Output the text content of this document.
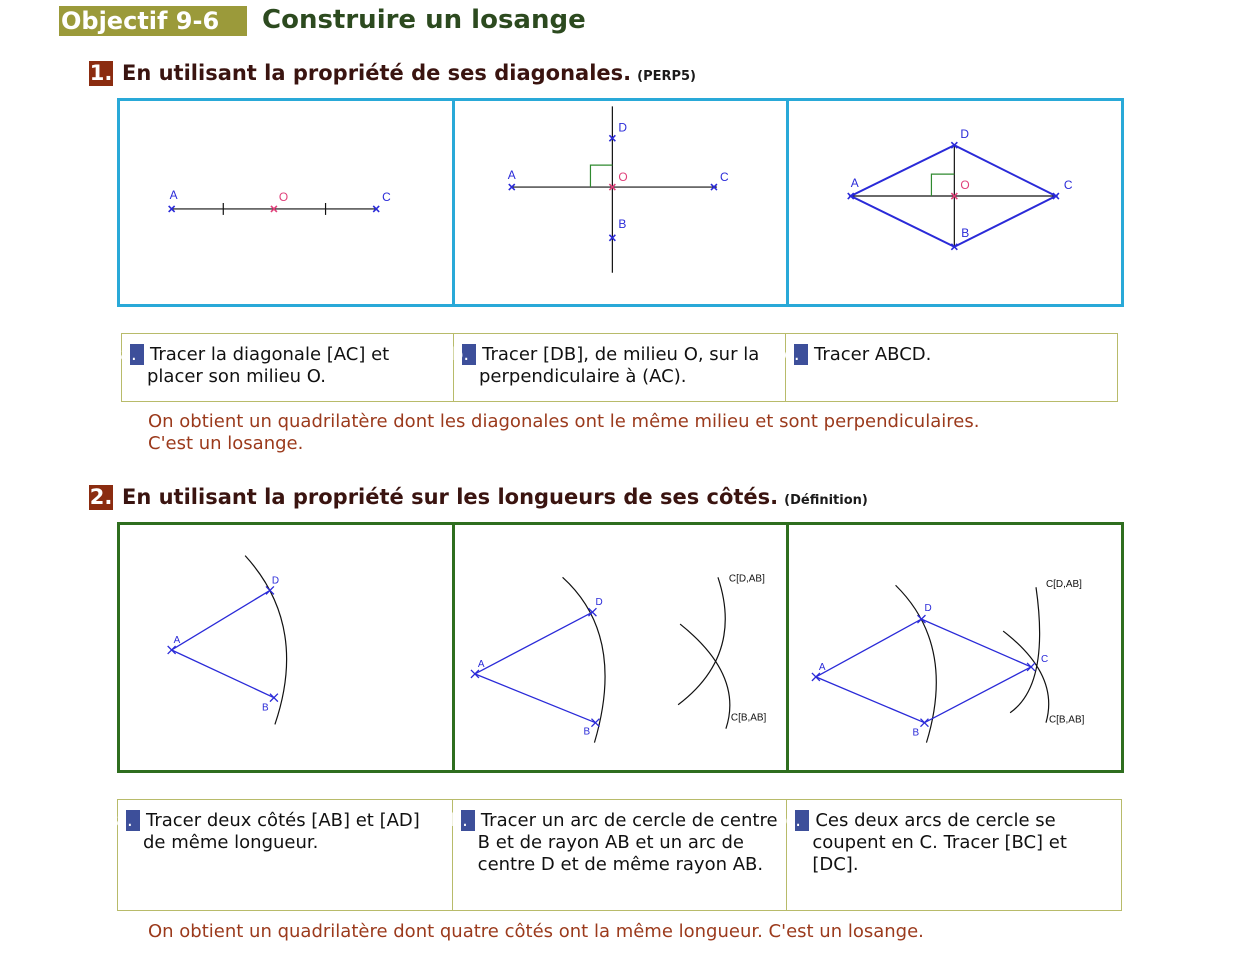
Objectif 9-6	Construire un losange
1. En utilisant la propriété de ses diagonales. (PERP5)
A	O	C
A	O	C
D
B
A	O	C
D
B
a. Tracer la diagonale [AC] et placer son milieu O.
b. Tracer [DB], de milieu O, sur la perpendiculaire à (AC).
c. Tracer ABCD.
On obtient un quadrilatère dont les diagonales ont le même milieu et sont perpendiculaires.
C'est un losange.
2. En utilisant la propriété sur les longueurs de ses côtés. (Définition)
A
D
B
A
D
B
C[D,AB]
C[B,AB]
A
D
B
C
C[D,AB]
C[B,AB]
a. Tracer deux côtés [AB] et [AD] de même longueur.
b. Tracer un arc de cercle de centre B et de rayon AB et un arc de centre D et de même rayon AB.
c. Ces deux arcs de cercle se coupent en C. Tracer [BC] et [DC].
On obtient un quadrilatère dont quatre côtés ont la même longueur. C'est un losange.
